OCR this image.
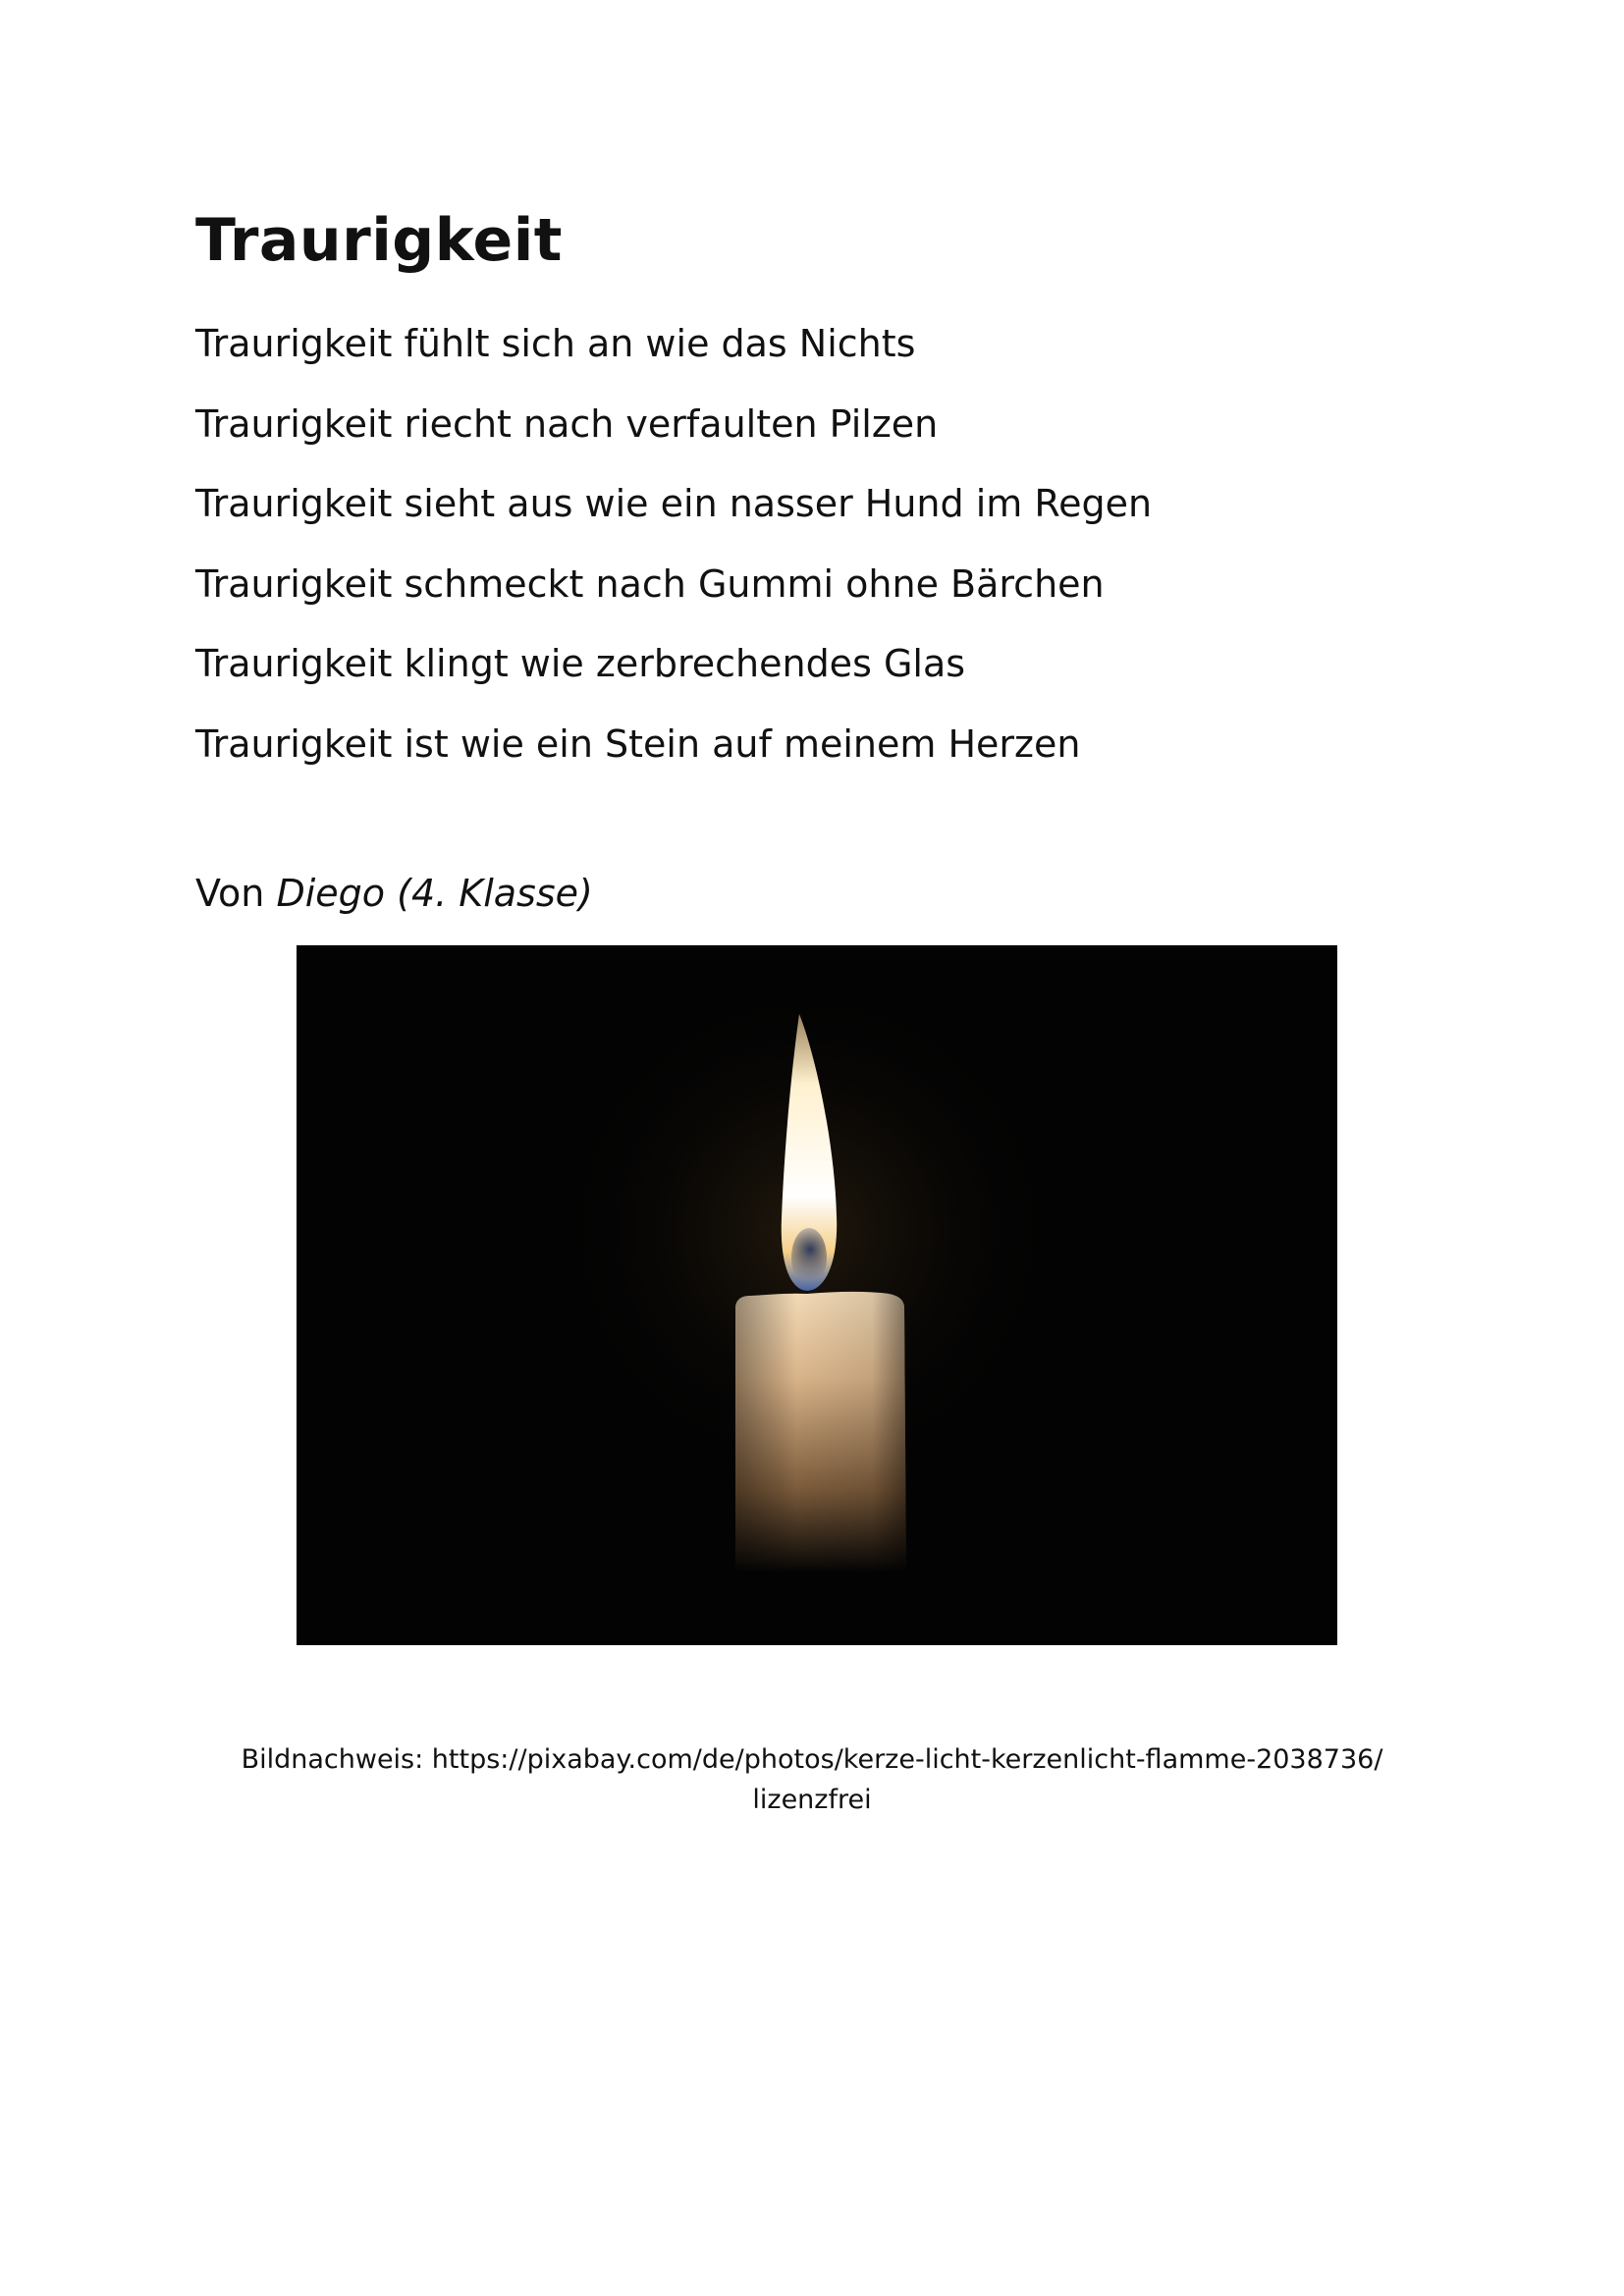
Traurigkeit
Traurigkeit fühlt sich an wie das Nichts
Traurigkeit riecht nach verfaulten Pilzen
Traurigkeit sieht aus wie ein nasser Hund im Regen
Traurigkeit schmeckt nach Gummi ohne Bärchen
Traurigkeit klingt wie zerbrechendes Glas
Traurigkeit ist wie ein Stein auf meinem Herzen
Von Diego (4. Klasse)
Bildnachweis: https://pixabay.com/de/photos/kerze-licht-kerzenlicht-flamme-2038736/
lizenzfrei
